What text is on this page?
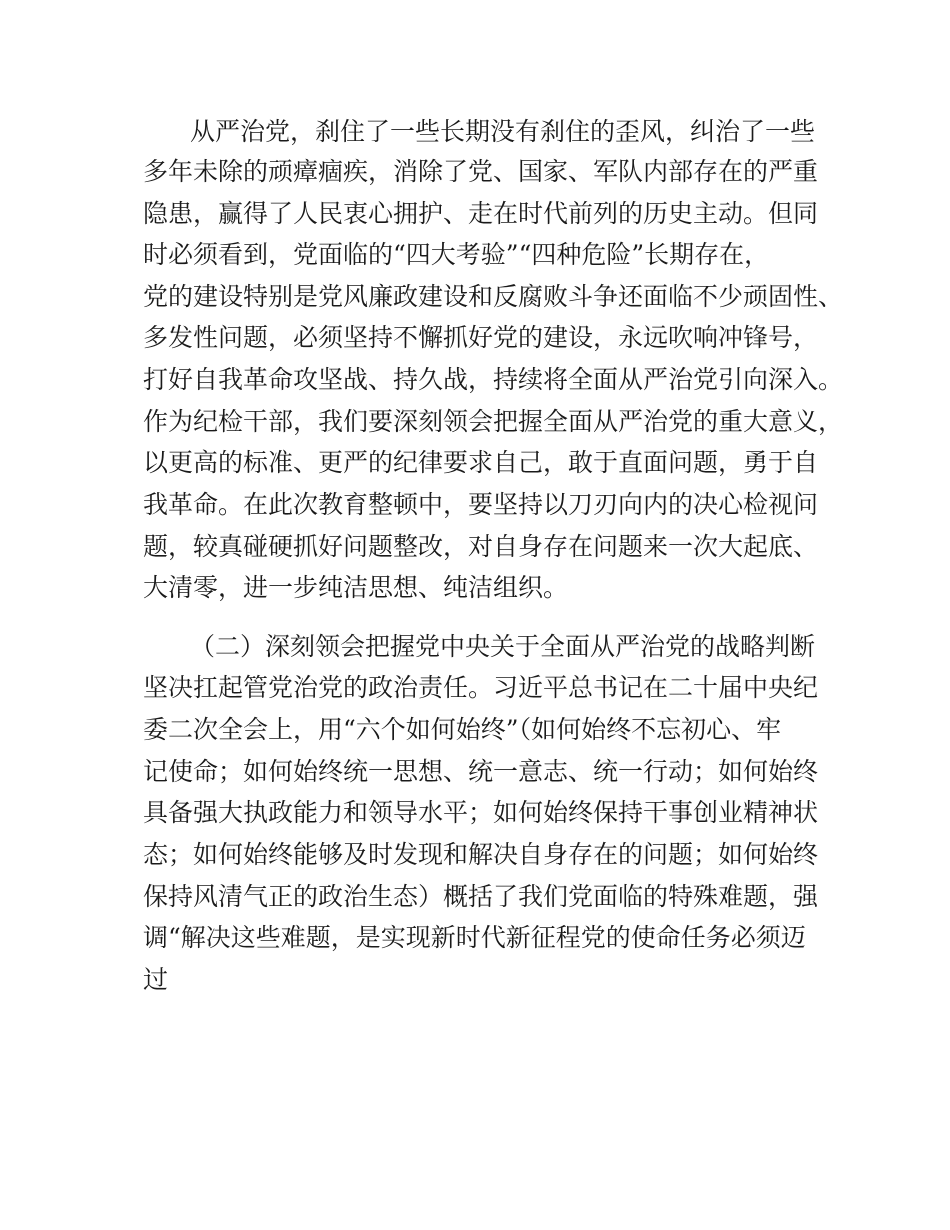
从严治党，刹住了一些长期没有刹住的歪风，纠治了一些
多年未除的顽瘴痼疾，消除了党、国家、军队内部存在的严重
隐患，赢得了人民衷心拥护、走在时代前列的历史主动。但同
时必须看到，党面临的“四大考验”“四种危险”长期存在，
党的建设特别是党风廉政建设和反腐败斗争还面临不少顽固性、
多发性问题，必须坚持不懈抓好党的建设，永远吹响冲锋号，
打好自我革命攻坚战、持久战，持续将全面从严治党引向深入。
作为纪检干部，我们要深刻领会把握全面从严治党的重大意义，
以更高的标准、更严的纪律要求自己，敢于直面问题，勇于自
我革命。在此次教育整顿中，要坚持以刀刃向内的决心检视问
题，较真碰硬抓好问题整改，对自身存在问题来一次大起底、
大清零，进一步纯洁思想、纯洁组织。
（二）深刻领会把握党中央关于全面从严治党的战略判断
坚决扛起管党治党的政治责任。习近平总书记在二十届中央纪
委二次全会上，用“六个如何始终”（如何始终不忘初心、牢
记使命；如何始终统一思想、统一意志、统一行动；如何始终
具备强大执政能力和领导水平；如何始终保持干事创业精神状
态；如何始终能够及时发现和解决自身存在的问题；如何始终
保持风清气正的政治生态）概括了我们党面临的特殊难题，强
调“解决这些难题，是实现新时代新征程党的使命任务必须迈
过
